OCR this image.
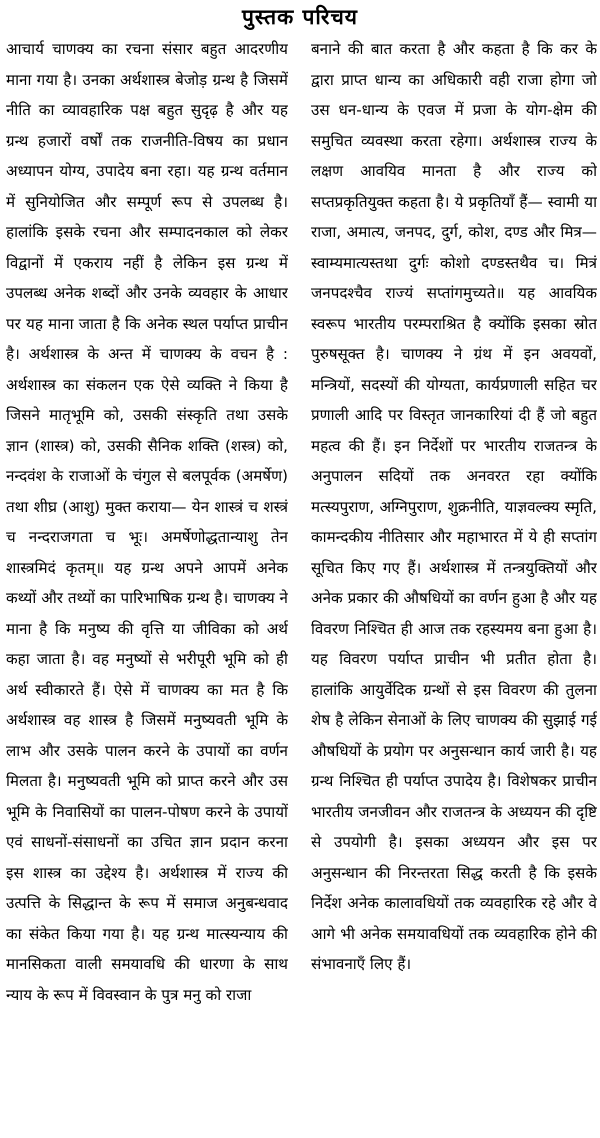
पुस्तक परिचय

आचार्य चाणक्य का रचना संसार बहुत आदरणीय माना गया है। उनका अर्थशास्त्र बेजोड़ ग्रन्थ है जिसमें नीति का व्यावहारिक पक्ष बहुत सुदृढ़ है और यह ग्रन्थ हजारों वर्षों तक राजनीति-विषय का प्रधान अध्यापन योग्य, उपादेय बना रहा। यह ग्रन्थ वर्तमान में सुनियोजित और सम्पूर्ण रूप से उपलब्ध है। हालांकि इसके रचना और सम्पादनकाल को लेकर विद्वानों में एकराय नहीं है लेकिन इस ग्रन्थ में उपलब्ध अनेक शब्दों और उनके व्यवहार के आधार पर यह माना जाता है कि अनेक स्थल पर्याप्त प्राचीन है। अर्थशास्त्र के अन्त में चाणक्य के वचन है : अर्थशास्त्र का संकलन एक ऐसे व्यक्ति ने किया है जिसने मातृभूमि को, उसकी संस्कृति तथा उसके ज्ञान (शास्त्र) को, उसकी सैनिक शक्ति (शस्त्र) को, नन्दवंश के राजाओं के चंगुल से बलपूर्वक (अमर्षेण) तथा शीघ्र (आशु) मुक्त कराया— येन शास्त्रं च शस्त्रं च नन्दराजगता च भूः। अमर्षेणोद्धतान्याशु तेन शास्त्रमिदं कृतम्॥ यह ग्रन्थ अपने आपमें अनेक कथ्यों और तथ्यों का पारिभाषिक ग्रन्थ है। चाणक्य ने माना है कि मनुष्य की वृत्ति या जीविका को अर्थ कहा जाता है। वह मनुष्यों से भरीपूरी भूमि को ही अर्थ स्वीकारते हैं। ऐसे में चाणक्य का मत है कि अर्थशास्त्र वह शास्त्र है जिसमें मनुष्यवती भूमि के लाभ और उसके पालन करने के उपायों का वर्णन मिलता है। मनुष्यवती भूमि को प्राप्त करने और उस भूमि के निवासियों का पालन-पोषण करने के उपायों एवं साधनों-संसाधनों का उचित ज्ञान प्रदान करना इस शास्त्र का उद्देश्य है। अर्थशास्त्र में राज्य की उत्पत्ति के सिद्धान्त के रूप में समाज अनुबन्धवाद का संकेत किया गया है। यह ग्रन्थ मात्स्यन्याय की मानसिकता वाली समयावधि की धारणा के साथ न्याय के रूप में विवस्वान के पुत्र मनु को राजा

बनाने की बात करता है और कहता है कि कर के द्वारा प्राप्त धान्य का अधिकारी वही राजा होगा जो उस धन-धान्य के एवज में प्रजा के योग-क्षेम की समुचित व्यवस्था करता रहेगा। अर्थशास्त्र राज्य के लक्षण आवयिव मानता है और राज्य को सप्तप्रकृतियुक्त कहता है। ये प्रकृतियाँ हैं— स्वामी या राजा, अमात्य, जनपद, दुर्ग, कोश, दण्ड और मित्र— स्वाम्यमात्यस्तथा दुर्गः कोशो दण्डस्तथैव च। मित्रं जनपदश्चैव राज्यं सप्तांगमुच्यते॥ यह आवयिक स्वरूप भारतीय परम्पराश्रित है क्योंकि इसका स्रोत पुरुषसूक्त है। चाणक्य ने ग्रंथ में इन अवयवों, मन्त्रियों, सदस्यों की योग्यता, कार्यप्रणाली सहित चर प्रणाली आदि पर विस्तृत जानकारियां दी हैं जो बहुत महत्व की हैं। इन निर्देशों पर भारतीय राजतन्त्र के अनुपालन सदियों तक अनवरत रहा क्योंकि मत्स्यपुराण, अग्निपुराण, शुक्रनीति, याज्ञवल्क्य स्मृति, कामन्दकीय नीतिसार और महाभारत में ये ही सप्तांग सूचित किए गए हैं। अर्थशास्त्र में तन्त्रयुक्तियों और अनेक प्रकार की औषधियों का वर्णन हुआ है और यह विवरण निश्चित ही आज तक रहस्यमय बना हुआ है। यह विवरण पर्याप्त प्राचीन भी प्रतीत होता है। हालांकि आयुर्वेदिक ग्रन्थों से इस विवरण की तुलना शेष है लेकिन सेनाओं के लिए चाणक्य की सुझाई गई औषधियों के प्रयोग पर अनुसन्धान कार्य जारी है। यह ग्रन्थ निश्चित ही पर्याप्त उपादेय है। विशेषकर प्राचीन भारतीय जनजीवन और राजतन्त्र के अध्ययन की दृष्टि से उपयोगी है। इसका अध्ययन और इस पर अनुसन्धान की निरन्तरता सिद्ध करती है कि इसके निर्देश अनेक कालावधियों तक व्यवहारिक रहे और वे आगे भी अनेक समयावधियों तक व्यवहारिक होने की संभावनाएँ लिए हैं।
